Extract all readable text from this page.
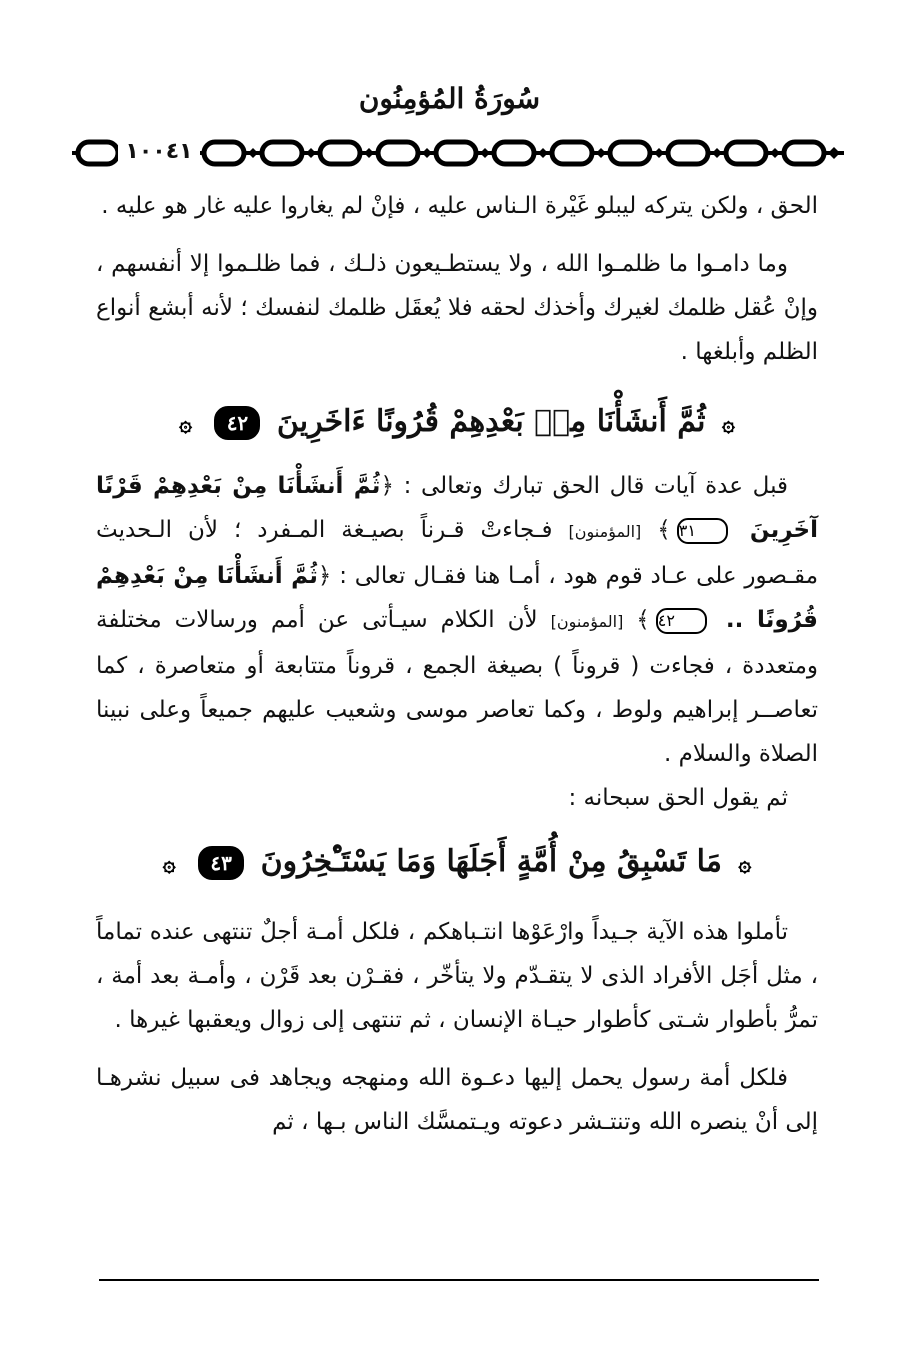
سُورَةُ المُؤمِنُون
١٠٠٤١

الحق ، ولكن يتركه ليبلو غَيْرة الـناس عليه ، فإنْ لم يغاروا عليه غار هو عليه .

وما دامـوا ما ظلمـوا الله ، ولا يستطـيعون ذلـك ، فما ظلـموا إلا أنفسهم ، وإنْ عُقل ظلمك لغيرك وأخذك لحقه فلا يُعقَل ظلمك لنفسك ؛ لأنه أبشع أنواع الظلم وأبلغها .

۞ ثُمَّ أَنشَأْنَا مِنۢ بَعْدِهِمْ قُرُونًا ءَاخَرِينَ ٤٢ ۞

قبل عدة آيات قال الحق تبارك وتعالى : ﴿ثُمَّ أَنشَأْنَا مِنْ بَعْدِهِمْ قَرْنًا آخَرِينَ ٣١﴾ [المؤمنون] فـجاءتْ قـرناً بصيـغة المـفرد ؛ لأن الـحديث مقـصور على عـاد قوم هود ، أمـا هنا فقـال تعالى : ﴿ثُمَّ أَنشَأْنَا مِنْ بَعْدِهِمْ قُرُونًا .. ٤٢﴾ [المؤمنون] لأن الكلام سيـأتى عن أمم ورسالات مختلفة ومتعددة ، فجاءت ( قروناً ) بصيغة الجمع ، قروناً متتابعة أو متعاصرة ، كما تعاصــر إبراهيم ولوط ، وكما تعاصر موسى وشعيب عليهم جميعاً وعلى نبينا الصلاة والسلام .

ثم يقول الحق سبحانه :

۞ مَا تَسْبِقُ مِنْ أُمَّةٍ أَجَلَهَا وَمَا يَسْتَـْٔخِرُونَ ٤٣ ۞

تأملوا هذه الآية جـيداً وارْعَوْها انتـباهكم ، فلكل أمـة أجلٌ تنتهى عنده تماماً ، مثل أجَل الأفراد الذى لا يتقـدّم ولا يتأخّر ، فقـرْن بعد قَرْن ، وأمـة بعد أمة ، تمرُّ بأطوار شـتى كأطوار حيـاة الإنسان ، ثم تنتهى إلى زوال ويعقبها غيرها .

فلكل أمة رسول يحمل إليها دعـوة الله ومنهجه ويجاهد فى سبيل نشرهـا إلى أنْ ينصره الله وتنتـشر دعوته ويـتمسَّك الناس بـها ، ثم
